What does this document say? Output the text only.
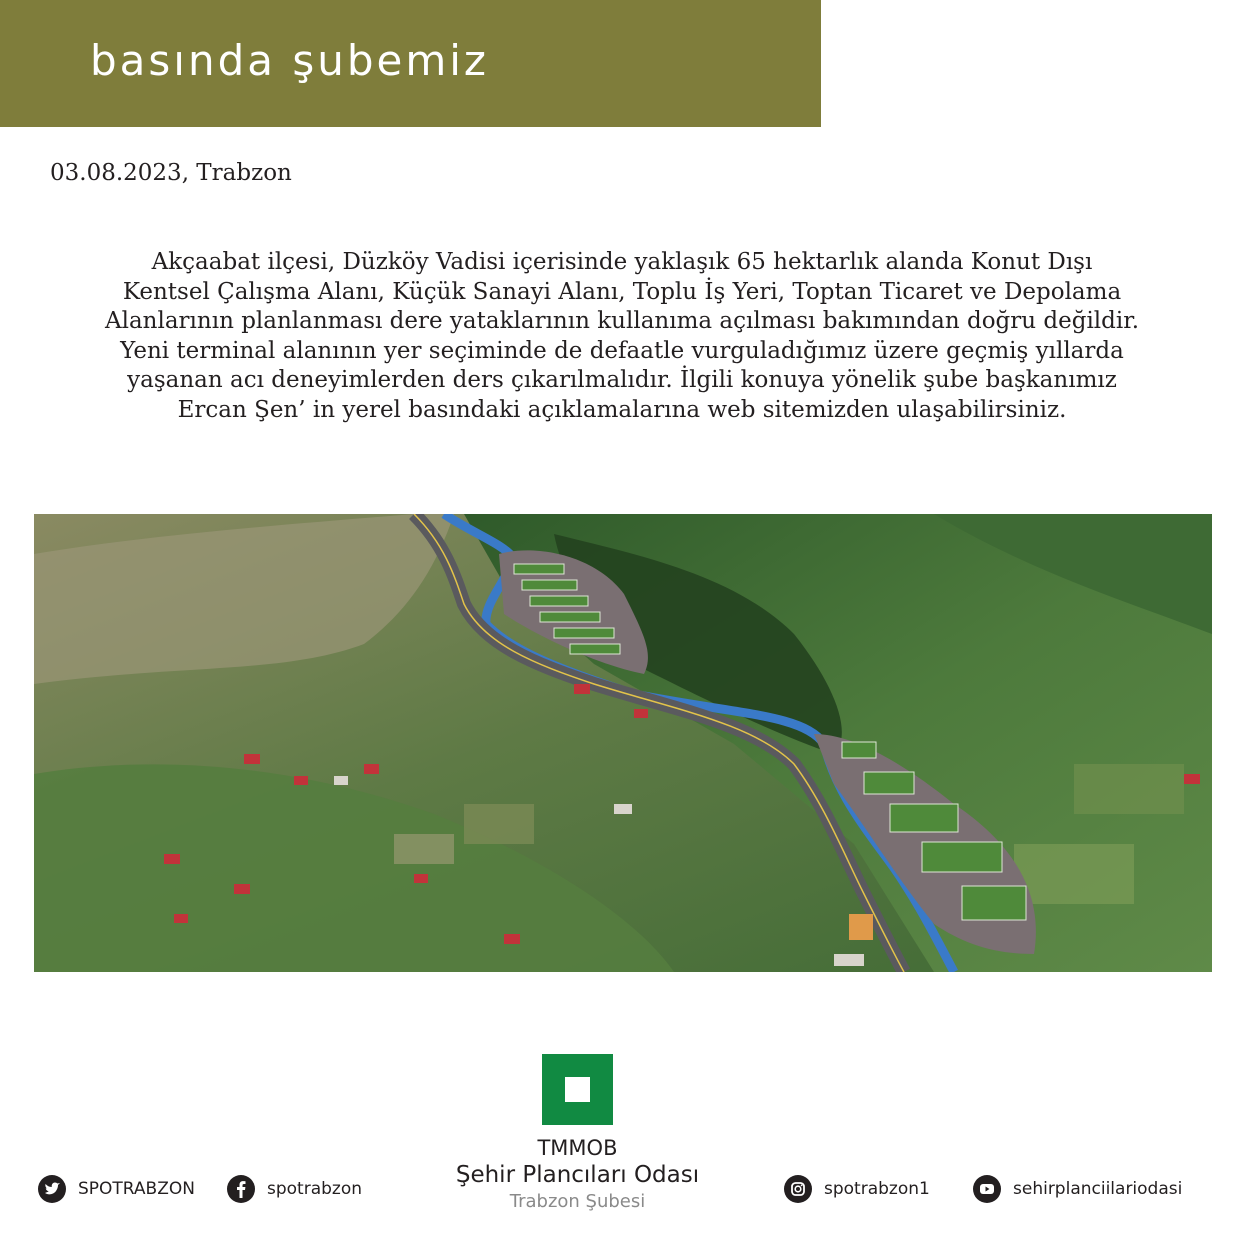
basında şubemiz
03.08.2023, Trabzon

Akçaabat ilçesi, Düzköy Vadisi içerisinde yaklaşık 65 hektarlık alanda Konut Dışı
Kentsel Çalışma Alanı, Küçük Sanayi Alanı, Toplu İş Yeri, Toptan Ticaret ve Depolama
Alanlarının planlanması dere yataklarının kullanıma açılması bakımından doğru değildir.
Yeni terminal alanının yer seçiminde de defaatle vurguladığımız üzere geçmiş yıllarda
yaşanan acı deneyimlerden ders çıkarılmalıdır. İlgili konuya yönelik şube başkanımız
Ercan Şen’ in yerel basındaki açıklamalarına web sitemizden ulaşabilirsiniz.

TMMOB
Şehir Plancıları Odası
Trabzon Şubesi
SPOTRABZON	spotrabzon	spotrabzon1	sehirplanciilariodasi
